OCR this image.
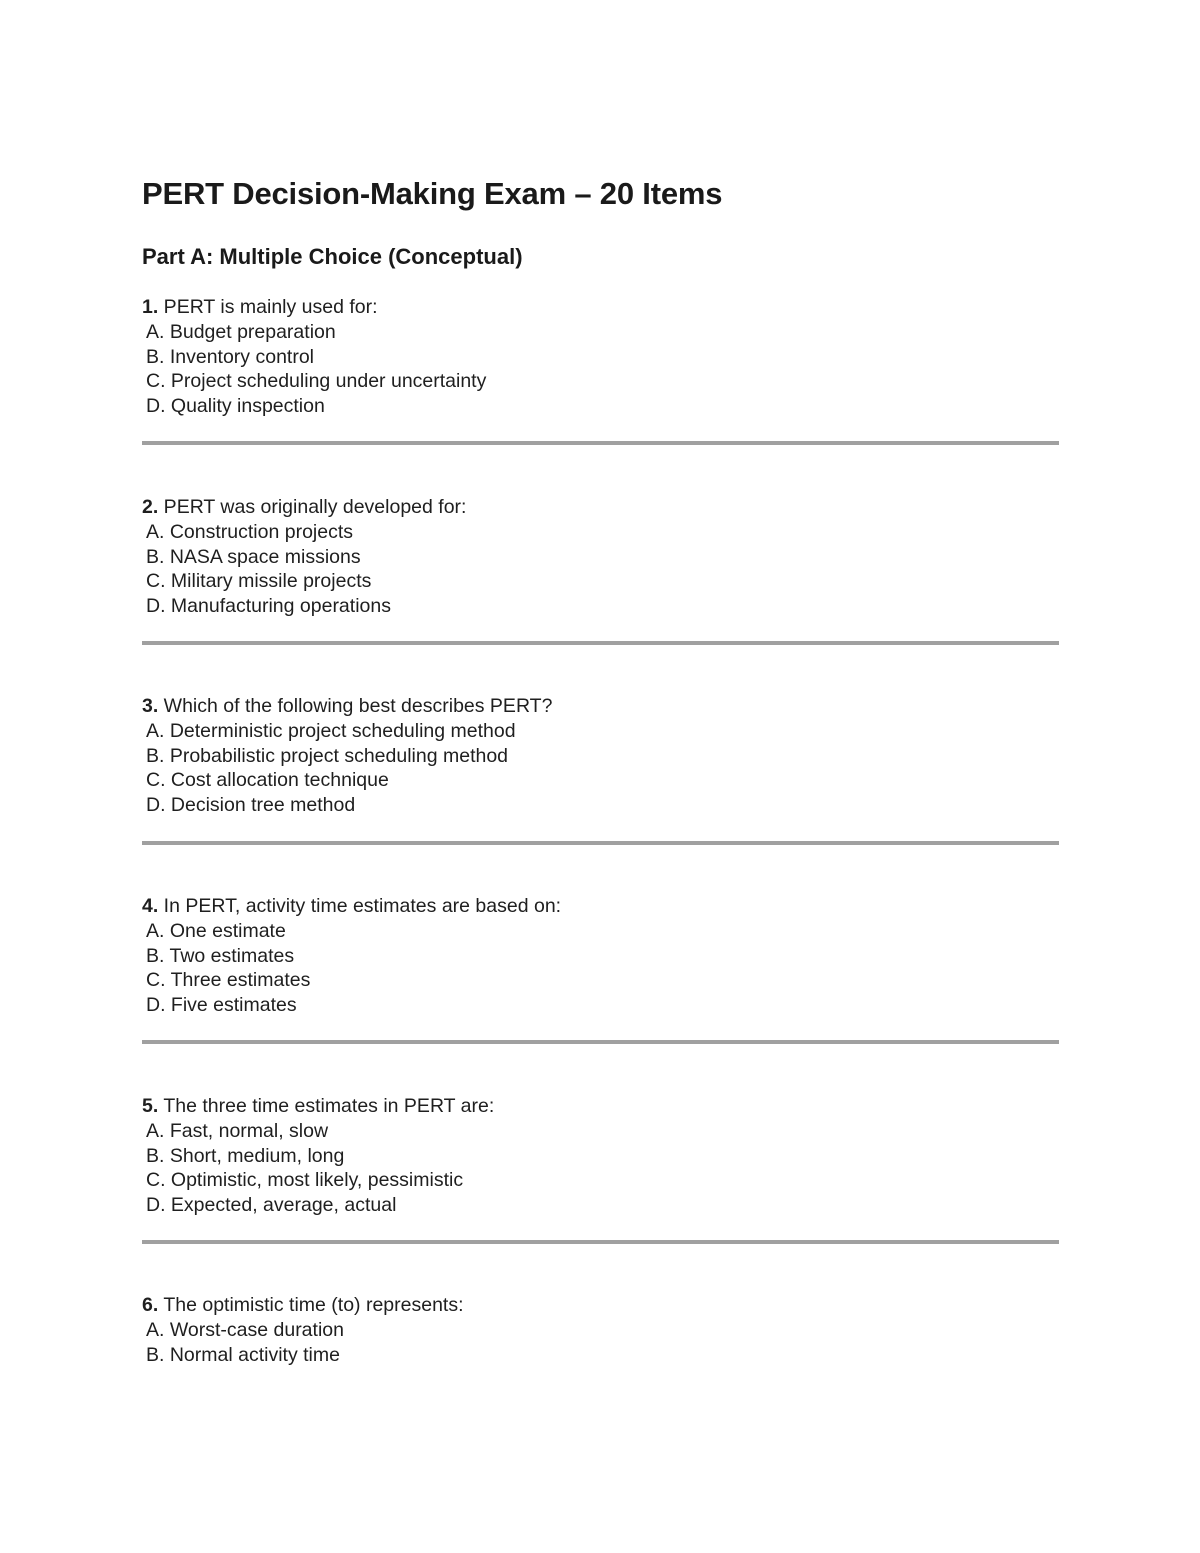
PERT Decision-Making Exam – 20 Items
Part A: Multiple Choice (Conceptual)
1. PERT is mainly used for:
A. Budget preparation
B. Inventory control
C. Project scheduling under uncertainty
D. Quality inspection
2. PERT was originally developed for:
A. Construction projects
B. NASA space missions
C. Military missile projects
D. Manufacturing operations
3. Which of the following best describes PERT?
A. Deterministic project scheduling method
B. Probabilistic project scheduling method
C. Cost allocation technique
D. Decision tree method
4. In PERT, activity time estimates are based on:
A. One estimate
B. Two estimates
C. Three estimates
D. Five estimates
5. The three time estimates in PERT are:
A. Fast, normal, slow
B. Short, medium, long
C. Optimistic, most likely, pessimistic
D. Expected, average, actual
6. The optimistic time (to) represents:
A. Worst-case duration
B. Normal activity time
